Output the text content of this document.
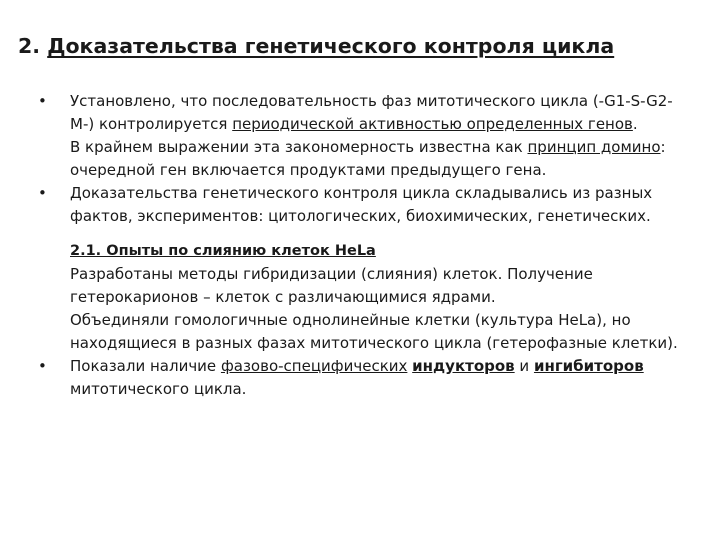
2. Доказательства генетического контроля цикла
•	Установлено, что последовательность фаз митотического цикла (-G1-S-G2-M-) контролируется периодической активностью определенных генов.
В крайнем выражении эта закономерность известна как принцип домино: очередной ген включается продуктами предыдущего гена.
•	Доказательства генетического контроля цикла складывались из разных фактов, экспериментов: цитологических, биохимических, генетических.
2.1. Опыты по слиянию клеток HeLa
Разработаны методы гибридизации (слияния) клеток. Получение гетерокарионов – клеток с различающимися ядрами.
Объединяли гомологичные однолинейные клетки (культура HeLa), но находящиеся в разных фазах митотического цикла (гетерофазные клетки).
•	Показали наличие фазово-специфических индукторов и ингибиторов митотического цикла.
